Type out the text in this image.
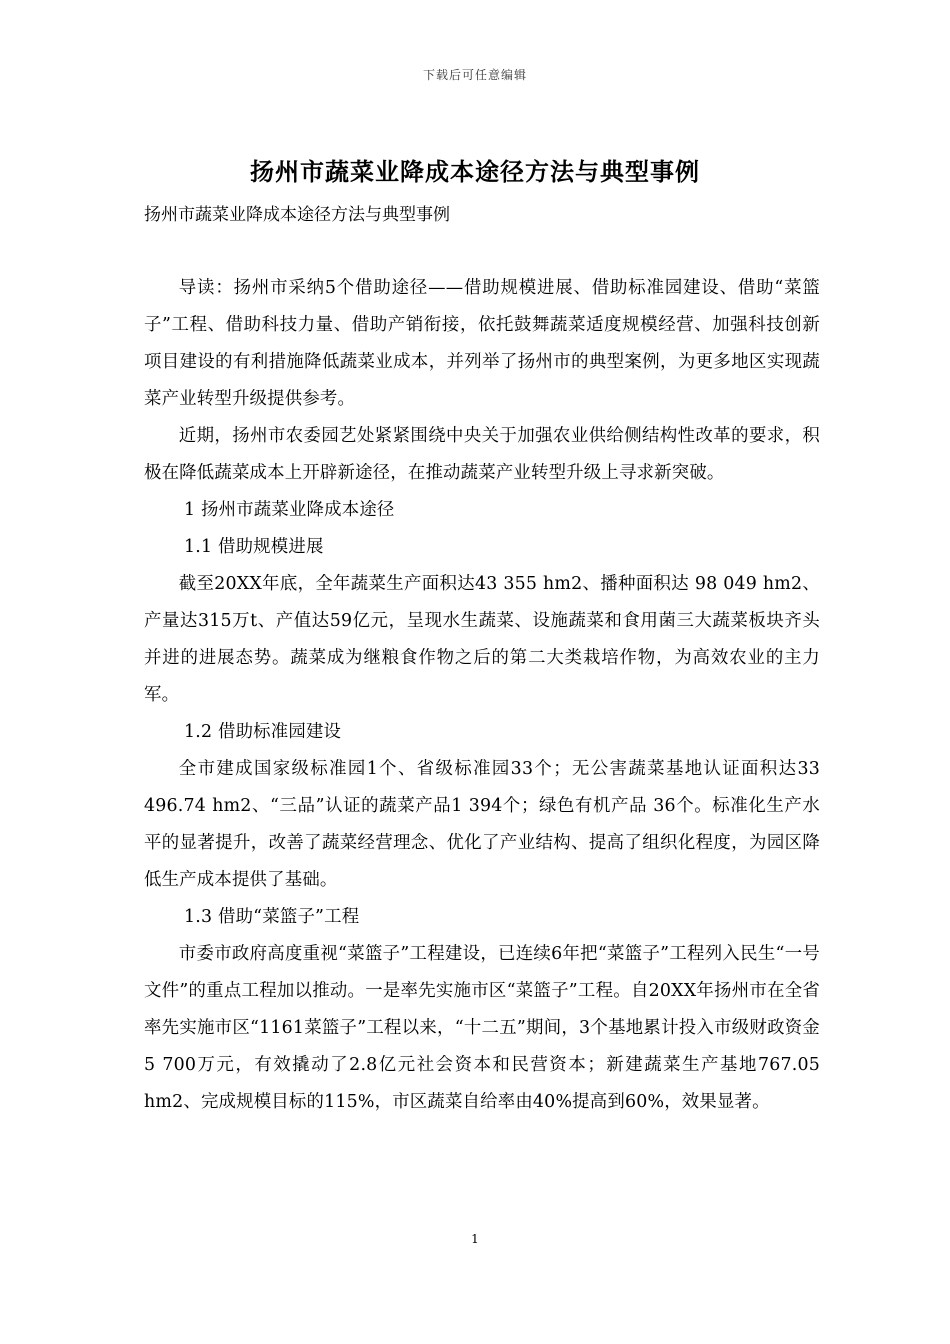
下载后可任意编辑
扬州市蔬菜业降成本途径方法与典型事例

扬州市蔬菜业降成本途径方法与典型事例

导读：扬州市采纳5个借助途径——借助规模进展、借助标准园建设、借助“菜篮子”工程、借助科技力量、借助产销衔接，依托鼓舞蔬菜适度规模经营、加强科技创新项目建设的有利措施降低蔬菜业成本，并列举了扬州市的典型案例，为更多地区实现蔬菜产业转型升级提供参考。

近期，扬州市农委园艺处紧紧围绕中央关于加强农业供给侧结构性改革的要求，积极在降低蔬菜成本上开辟新途径，在推动蔬菜产业转型升级上寻求新突破。

1 扬州市蔬菜业降成本途径

1.1 借助规模进展

截至20XX年底，全年蔬菜生产面积达43 355 hm2、播种面积达 98 049 hm2、产量达315万t、产值达59亿元，呈现水生蔬菜、设施蔬菜和食用菌三大蔬菜板块齐头并进的进展态势。蔬菜成为继粮食作物之后的第二大类栽培作物，为高效农业的主力军。

1.2 借助标准园建设

全市建成国家级标准园1个、省级标准园33个；无公害蔬菜基地认证面积达33 496.74 hm2、“三品”认证的蔬菜产品1 394个；绿色有机产品 36个。标准化生产水平的显著提升，改善了蔬菜经营理念、优化了产业结构、提高了组织化程度，为园区降低生产成本提供了基础。

1.3 借助“菜篮子”工程

市委市政府高度重视“菜篮子”工程建设，已连续6年把“菜篮子”工程列入民生“一号文件”的重点工程加以推动。一是率先实施市区“菜篮子”工程。自20XX年扬州市在全省率先实施市区“1161菜篮子”工程以来，“十二五”期间，3个基地累计投入市级财政资金5 700万元，有效撬动了2.8亿元社会资本和民营资本；新建蔬菜生产基地767.05 hm2、完成规模目标的115%，市区蔬菜自给率由40%提高到60%，效果显著。

1
